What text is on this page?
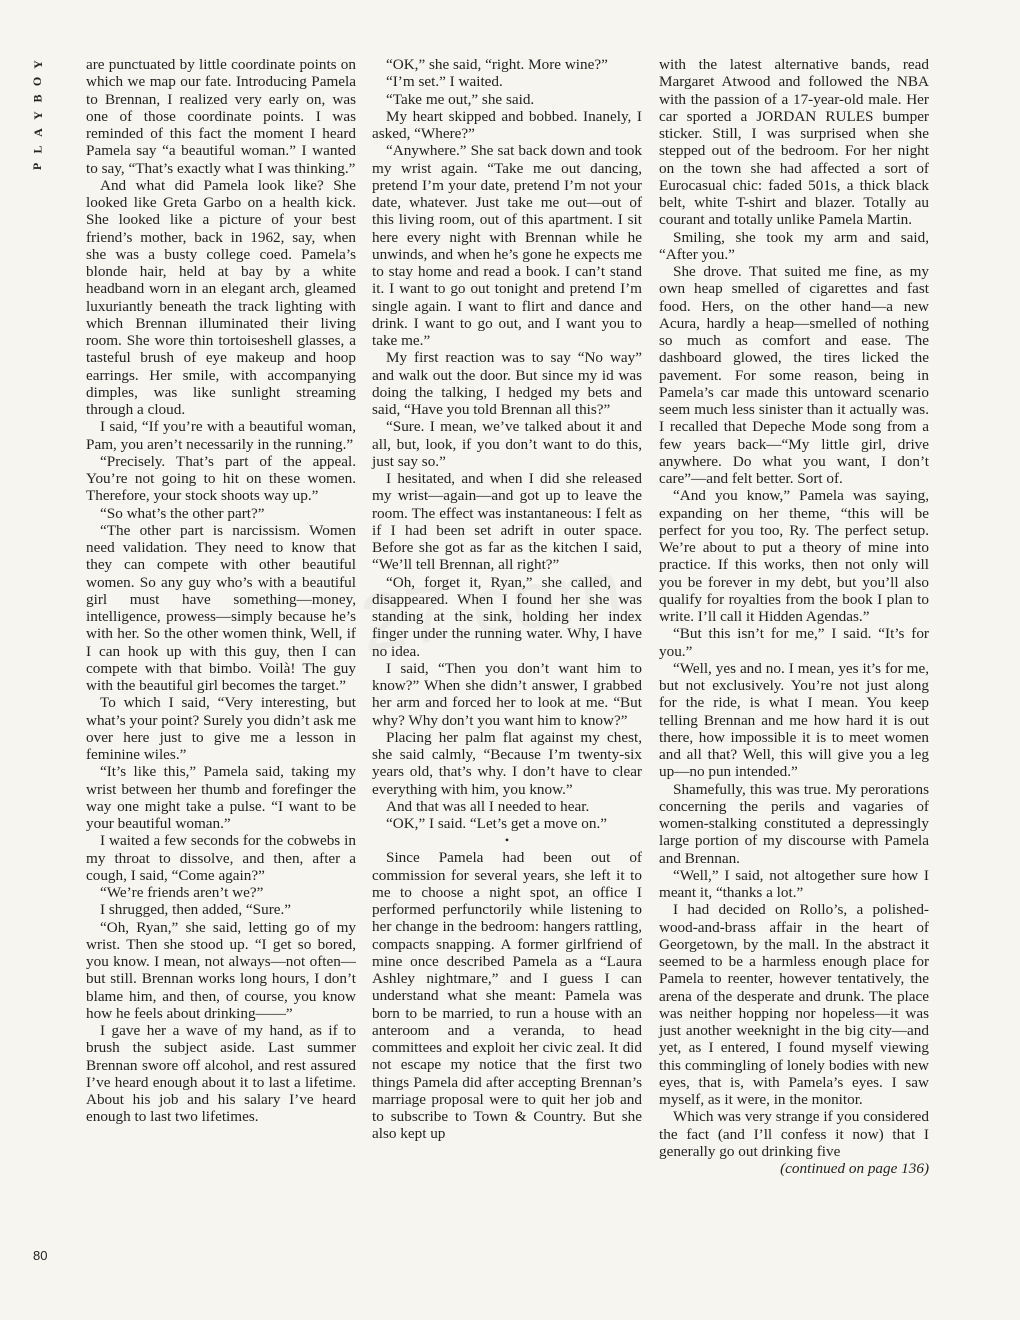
Y
O
B
Y
A
L
P
80

are punctuated by little coordinate points on which we map our fate. Introducing Pamela to Brennan, I realized very early on, was one of those coordinate points. I was reminded of this fact the moment I heard Pamela say “a beautiful woman.” I wanted to say, “That’s exactly what I was thinking.”

And what did Pamela look like? She looked like Greta Garbo on a health kick. She looked like a picture of your best friend’s mother, back in 1962, say, when she was a busty college coed. Pamela’s blonde hair, held at bay by a white headband worn in an elegant arch, gleamed luxuriantly beneath the track lighting with which Brennan illuminated their living room. She wore thin tortoiseshell glasses, a tasteful brush of eye makeup and hoop earrings. Her smile, with accompanying dimples, was like sunlight streaming through a cloud.

I said, “If you’re with a beautiful woman, Pam, you aren’t necessarily in the running.”

“Precisely. That’s part of the appeal. You’re not going to hit on these women. Therefore, your stock shoots way up.”

“So what’s the other part?”

“The other part is narcissism. Women need validation. They need to know that they can compete with other beautiful women. So any guy who’s with a beautiful girl must have something—money, intelligence, prowess—simply because he’s with her. So the other women think, Well, if I can hook up with this guy, then I can compete with that bimbo. Voilà! The guy with the beautiful girl becomes the target.”

To which I said, “Very interesting, but what’s your point? Surely you didn’t ask me over here just to give me a lesson in feminine wiles.”

“It’s like this,” Pamela said, taking my wrist between her thumb and forefinger the way one might take a pulse. “I want to be your beautiful woman.”

I waited a few seconds for the cobwebs in my throat to dissolve, and then, after a cough, I said, “Come again?”

“We’re friends aren’t we?”

I shrugged, then added, “Sure.”

“Oh, Ryan,” she said, letting go of my wrist. Then she stood up. “I get so bored, you know. I mean, not always—not often—but still. Brennan works long hours, I don’t blame him, and then, of course, you know how he feels about drinking——”

I gave her a wave of my hand, as if to brush the subject aside. Last summer Brennan swore off alcohol, and rest assured I’ve heard enough about it to last a lifetime. About his job and his salary I’ve heard enough to last two lifetimes.

“OK,” she said, “right. More wine?”

“I’m set.” I waited.

“Take me out,” she said.

My heart skipped and bobbed. Inanely, I asked, “Where?”

“Anywhere.” She sat back down and took my wrist again. “Take me out dancing, pretend I’m your date, pretend I’m not your date, whatever. Just take me out—out of this living room, out of this apartment. I sit here every night with Brennan while he unwinds, and when he’s gone he expects me to stay home and read a book. I can’t stand it. I want to go out tonight and pretend I’m single again. I want to flirt and dance and drink. I want to go out, and I want you to take me.”

My first reaction was to say “No way” and walk out the door. But since my id was doing the talking, I hedged my bets and said, “Have you told Brennan all this?”

“Sure. I mean, we’ve talked about it and all, but, look, if you don’t want to do this, just say so.”

I hesitated, and when I did she released my wrist—again—and got up to leave the room. The effect was instantaneous: I felt as if I had been set adrift in outer space. Before she got as far as the kitchen I said, “We’ll tell Brennan, all right?”

“Oh, forget it, Ryan,” she called, and disappeared. When I found her she was standing at the sink, holding her index finger under the running water. Why, I have no idea.

I said, “Then you don’t want him to know?” When she didn’t answer, I grabbed her arm and forced her to look at me. “But why? Why don’t you want him to know?”

Placing her palm flat against my chest, she said calmly, “Because I’m twenty-six years old, that’s why. I don’t have to clear everything with him, you know.”

And that was all I needed to hear.

“OK,” I said. “Let’s get a move on.”

•

Since Pamela had been out of commission for several years, she left it to me to choose a night spot, an office I performed perfunctorily while listening to her change in the bedroom: hangers rattling, compacts snapping. A former girlfriend of mine once described Pamela as a “Laura Ashley nightmare,” and I guess I can understand what she meant: Pamela was born to be married, to run a house with an anteroom and a veranda, to head committees and exploit her civic zeal. It did not escape my notice that the first two things Pamela did after accepting Brennan’s marriage proposal were to quit her job and to subscribe to Town & Country. But she also kept up

with the latest alternative bands, read Margaret Atwood and followed the NBA with the passion of a 17-year-old male. Her car sported a JORDAN RULES bumper sticker. Still, I was surprised when she stepped out of the bedroom. For her night on the town she had affected a sort of Eurocasual chic: faded 501s, a thick black belt, white T-shirt and blazer. Totally au courant and totally unlike Pamela Martin.

Smiling, she took my arm and said, “After you.”

She drove. That suited me fine, as my own heap smelled of cigarettes and fast food. Hers, on the other hand—a new Acura, hardly a heap—smelled of nothing so much as comfort and ease. The dashboard glowed, the tires licked the pavement. For some reason, being in Pamela’s car made this untoward scenario seem much less sinister than it actually was. I recalled that Depeche Mode song from a few years back—“My little girl, drive anywhere. Do what you want, I don’t care”—and felt better. Sort of.

“And you know,” Pamela was saying, expanding on her theme, “this will be perfect for you too, Ry. The perfect setup. We’re about to put a theory of mine into practice. If this works, then not only will you be forever in my debt, but you’ll also qualify for royalties from the book I plan to write. I’ll call it Hidden Agendas.”

“But this isn’t for me,” I said. “It’s for you.”

“Well, yes and no. I mean, yes it’s for me, but not exclusively. You’re not just along for the ride, is what I mean. You keep telling Brennan and me how hard it is out there, how impossible it is to meet women and all that? Well, this will give you a leg up—no pun intended.”

Shamefully, this was true. My perorations concerning the perils and vagaries of women-stalking constituted a depressingly large portion of my discourse with Pamela and Brennan.

“Well,” I said, not altogether sure how I meant it, “thanks a lot.”

I had decided on Rollo’s, a polished-wood-and-brass affair in the heart of Georgetown, by the mall. In the abstract it seemed to be a harmless enough place for Pamela to reenter, however tentatively, the arena of the desperate and drunk. The place was neither hopping nor hopeless—it was just another weeknight in the big city—and yet, as I entered, I found myself viewing this commingling of lonely bodies with new eyes, that is, with Pamela’s eyes. I saw myself, as it were, in the monitor.

Which was very strange if you considered the fact (and I’ll confess it now) that I generally go out drinking five

(continued on page 136)
